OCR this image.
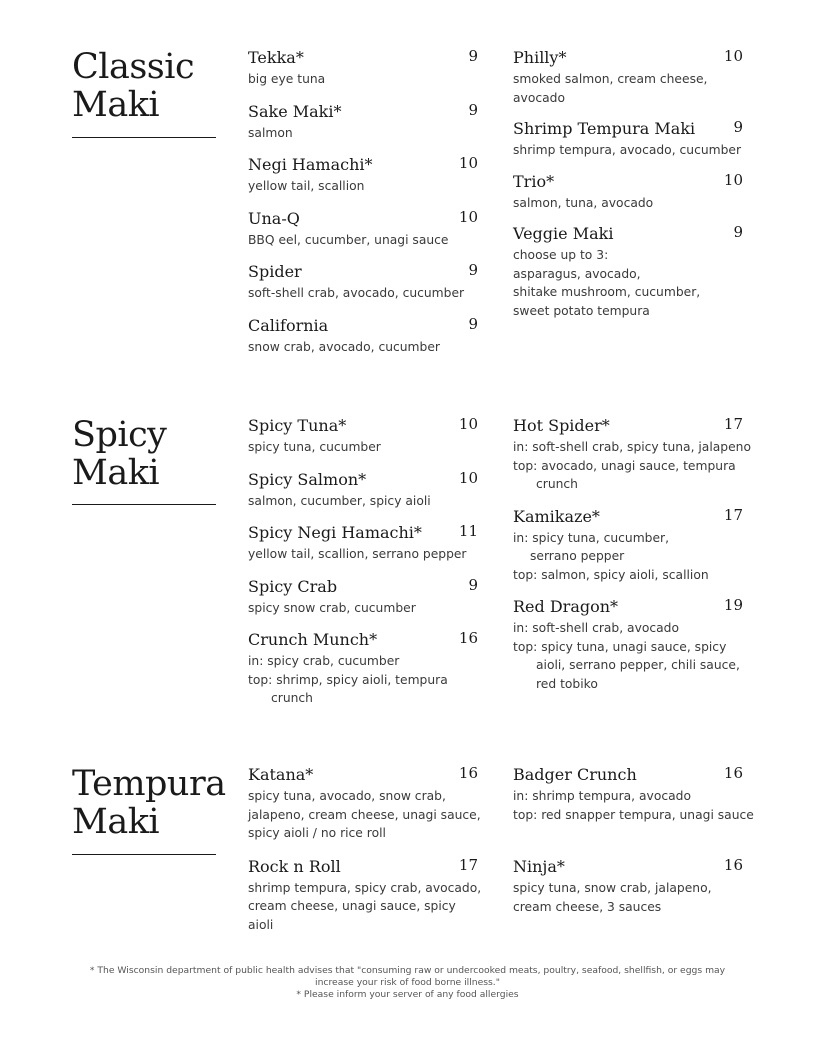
Classic
Maki
Tekka*	9
big eye tuna
Sake Maki*	9
salmon
Negi Hamachi*	10
yellow tail, scallion
Una-Q	10
BBQ eel, cucumber, unagi sauce
Spider	9
soft-shell crab, avocado, cucumber
California	9
snow crab, avocado, cucumber
Philly*	10
smoked salmon, cream cheese,
avocado
Shrimp Tempura Maki	9
shrimp tempura, avocado, cucumber
Trio*	10
salmon, tuna, avocado
Veggie Maki	9
choose up to 3:
asparagus, avocado,
shitake mushroom, cucumber,
sweet potato tempura
Spicy
Maki
Spicy Tuna*	10
spicy tuna, cucumber
Spicy Salmon*	10
salmon, cucumber, spicy aioli
Spicy Negi Hamachi* 11
yellow tail, scallion, serrano pepper
Spicy Crab	9
spicy snow crab, cucumber
Crunch Munch*	16
in: spicy crab, cucumber
top: shrimp, spicy aioli, tempura
crunch
Hot Spider*	17
in: soft-shell crab, spicy tuna, jalapeno
top: avocado, unagi sauce, tempura
crunch
Kamikaze*	17
in: spicy tuna, cucumber,
serrano pepper
top: salmon, spicy aioli, scallion
Red Dragon*	19
in: soft-shell crab, avocado
top: spicy tuna, unagi sauce, spicy
aioli, serrano pepper, chili sauce,
red tobiko
Tempura
Maki
Katana*	16
spicy tuna, avocado, snow crab,
jalapeno, cream cheese, unagi sauce,
spicy aioli / no rice roll
Rock n Roll	17
shrimp tempura, spicy crab, avocado,
cream cheese, unagi sauce, spicy
aioli
Badger Crunch	16
in: shrimp tempura, avocado
top: red snapper tempura, unagi sauce
Ninja*	16
spicy tuna, snow crab, jalapeno,
cream cheese, 3 sauces
* The Wisconsin department of public health advises that "consuming raw or undercooked meats, poultry, seafood, shellfish, or eggs may
increase your risk of food borne illness."
* Please inform your server of any food allergies
